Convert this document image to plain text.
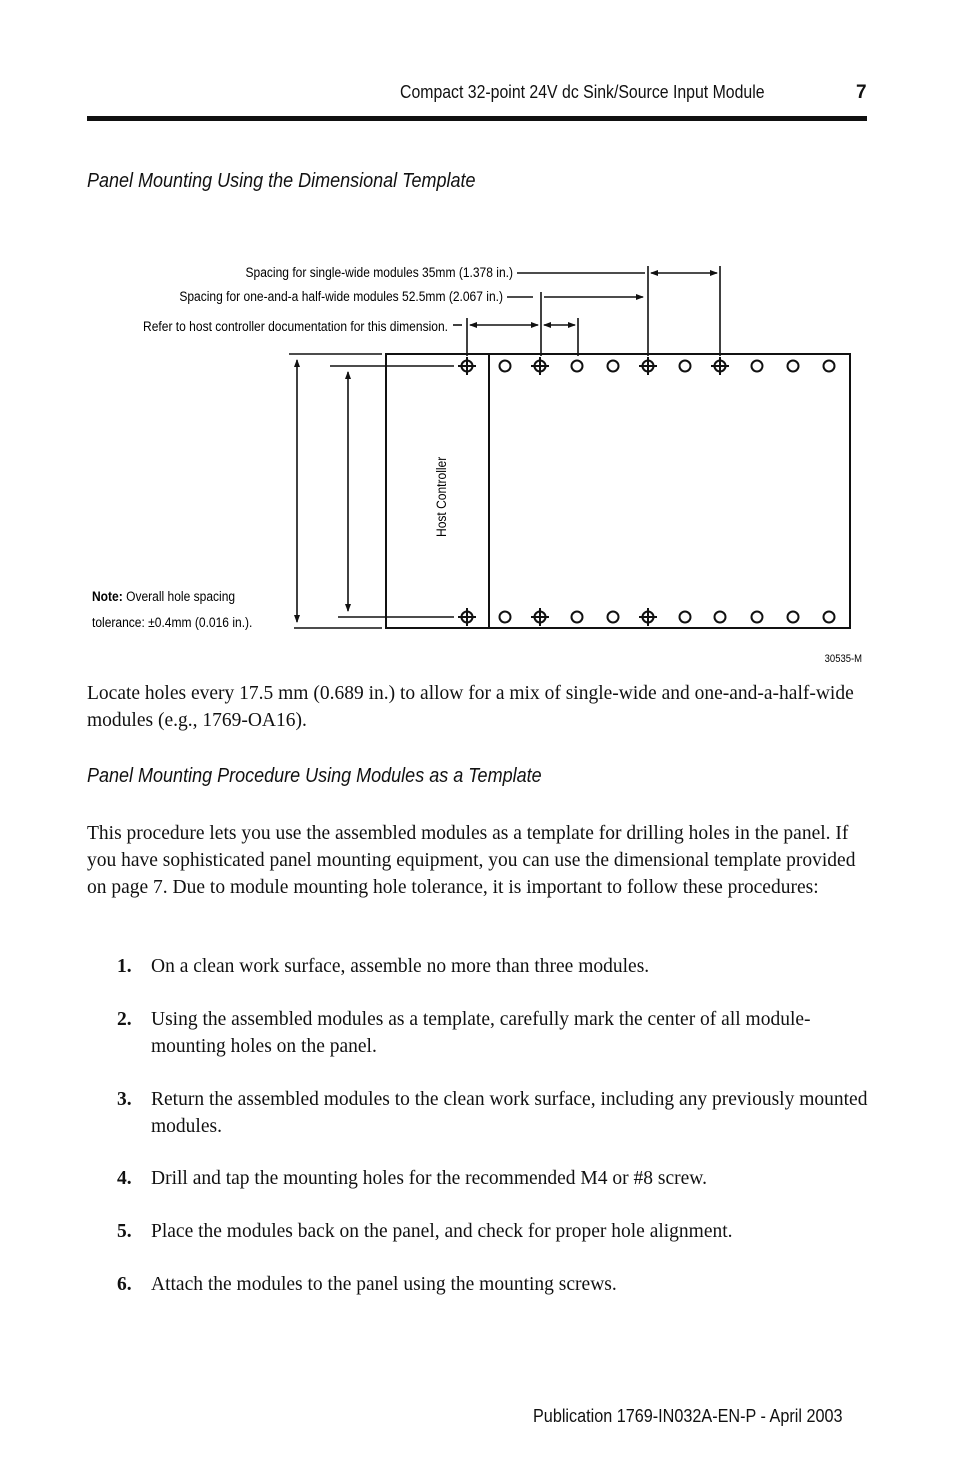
Compact 32-point 24V dc Sink/Source Input Module	7
Panel Mounting Using the Dimensional Template
Spacing for single-wide modules 35mm (1.378 in.)
Spacing for one-and-a half-wide modules 52.5mm (2.067 in.)
Refer to host controller documentation for this dimension.
Host Controller
Note: Overall hole spacing
tolerance: ±0.4mm (0.016 in.).
30535-M

Locate holes every 17.5 mm (0.689 in.) to allow for a mix of single-wide and one-and-a-half-wide modules (e.g., 1769-OA16).

Panel Mounting Procedure Using Modules as a Template

This procedure lets you use the assembled modules as a template for drilling holes in the panel. If you have sophisticated panel mounting equipment, you can use the dimensional template provided on page 7. Due to module mounting hole tolerance, it is important to follow these procedures:

1. On a clean work surface, assemble no more than three modules.
2. Using the assembled modules as a template, carefully mark the center of all module-mounting holes on the panel.
3. Return the assembled modules to the clean work surface, including any previously mounted modules.
4. Drill and tap the mounting holes for the recommended M4 or #8 screw.
5. Place the modules back on the panel, and check for proper hole alignment.
6. Attach the modules to the panel using the mounting screws.
Publication 1769-IN032A-EN-P - April 2003
